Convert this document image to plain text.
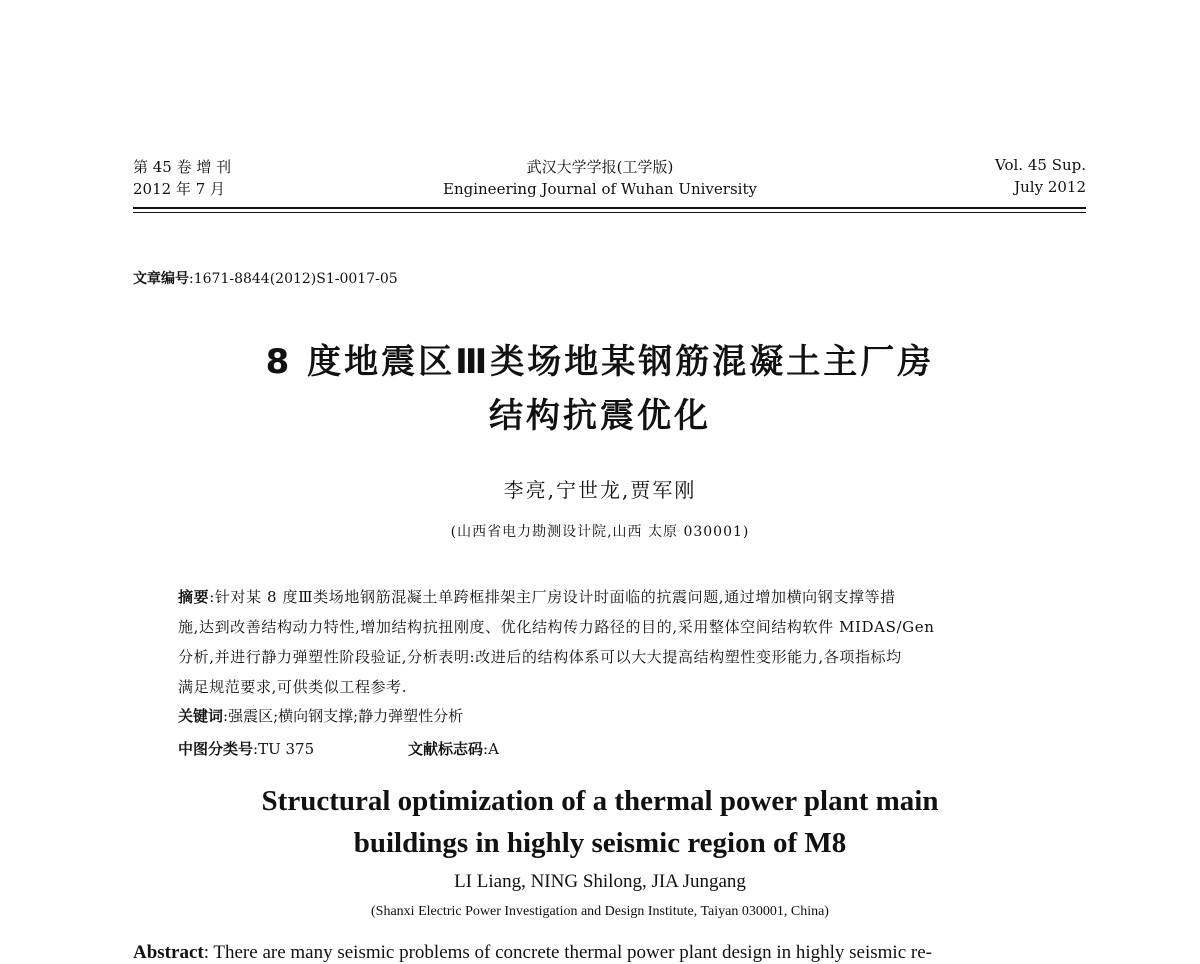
第 45 卷 增 刊
2012 年 7 月
武汉大学学报(工学版)
Engineering Journal of Wuhan University
Vol. 45 Sup.
July 2012
文章编号:1671-8844(2012)S1-0017-05
8 度地震区Ⅲ类场地某钢筋混凝土主厂房
结构抗震优化
李亮,宁世龙,贾军刚
(山西省电力勘测设计院,山西 太原 030001)
摘要:针对某 8 度Ⅲ类场地钢筋混凝土单跨框排架主厂房设计时面临的抗震问题,通过增加横向钢支撑等措
施,达到改善结构动力特性,增加结构抗扭刚度、优化结构传力路径的目的,采用整体空间结构软件 MIDAS/Gen
分析,并进行静力弹塑性阶段验证,分析表明:改进后的结构体系可以大大提高结构塑性变形能力,各项指标均
满足规范要求,可供类似工程参考.
关键词:强震区;横向钢支撑;静力弹塑性分析
中图分类号:TU 375	文献标志码:A
Structural optimization of a thermal power plant main
buildings in highly seismic region of M8
LI Liang, NING Shilong, JIA Jungang
(Shanxi Electric Power Investigation and Design Institute, Taiyan 030001, China)
Abstract: There are many seismic problems of concrete thermal power plant design in highly seismic re-
